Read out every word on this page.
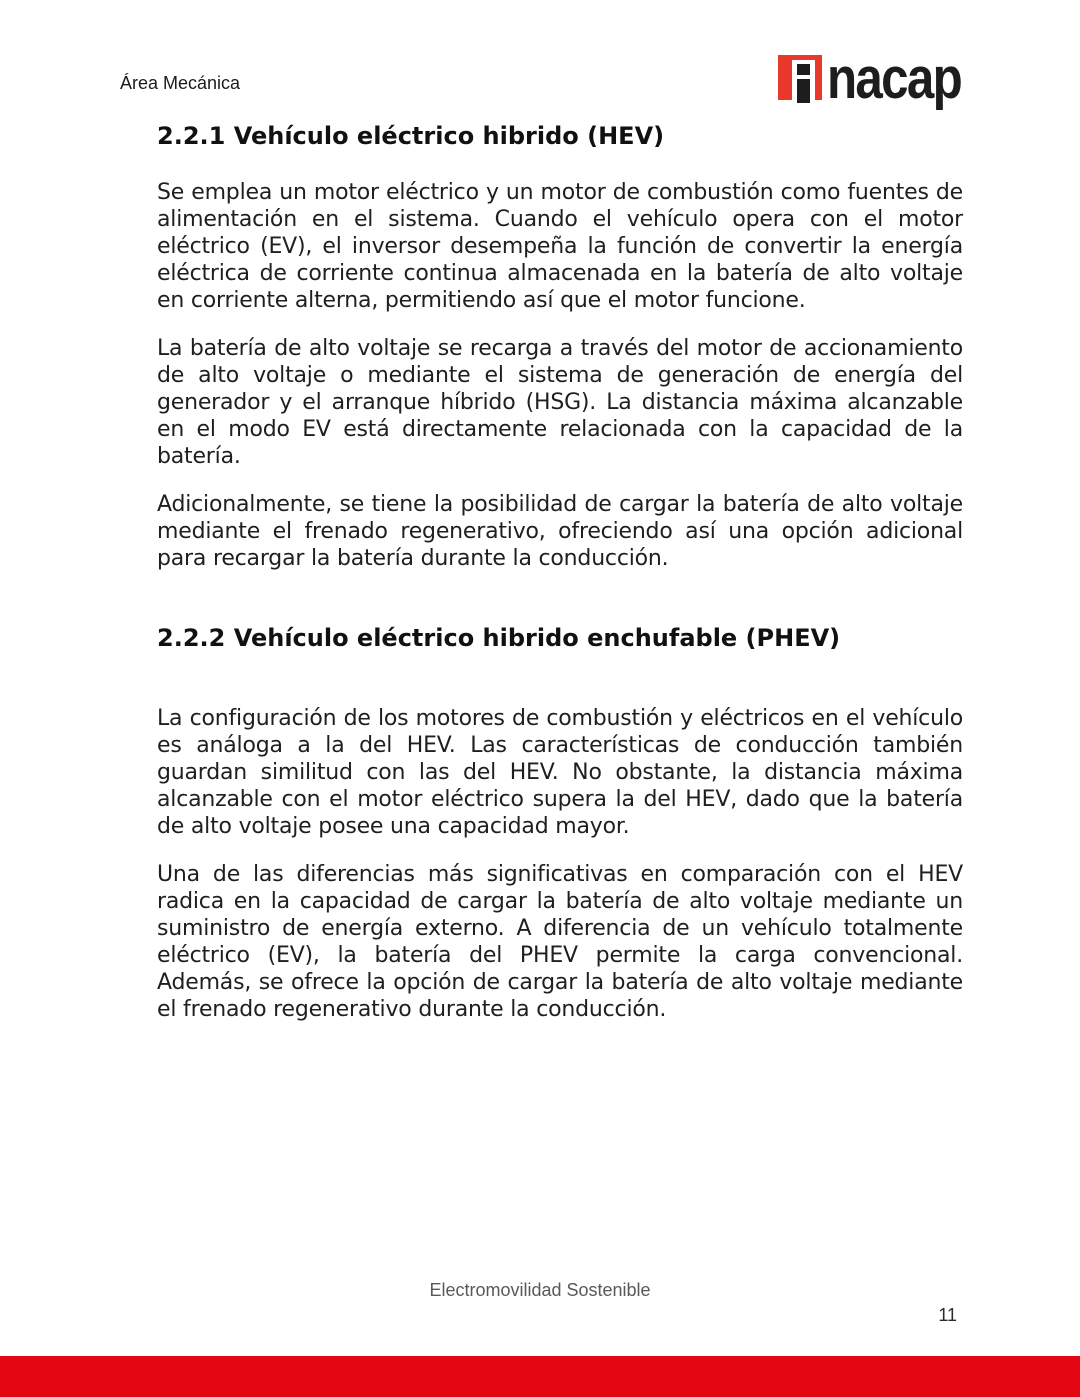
Área Mecánica	nacap
2.2.1 Vehículo eléctrico hibrido (HEV)

Se emplea un motor eléctrico y un motor de combustión como fuentes de alimentación en el sistema. Cuando el vehículo opera con el motor eléctrico (EV), el inversor desempeña la función de convertir la energía eléctrica de corriente continua almacenada en la batería de alto voltaje en corriente alterna, permitiendo así que el motor funcione.

La batería de alto voltaje se recarga a través del motor de accionamiento de alto voltaje o mediante el sistema de generación de energía del generador y el arranque híbrido (HSG). La distancia máxima alcanzable en el modo EV está directamente relacionada con la capacidad de la batería.

Adicionalmente, se tiene la posibilidad de cargar la batería de alto voltaje mediante el frenado regenerativo, ofreciendo así una opción adicional para recargar la batería durante la conducción.

2.2.2 Vehículo eléctrico hibrido enchufable (PHEV)

La configuración de los motores de combustión y eléctricos en el vehículo es análoga a la del HEV. Las características de conducción también guardan similitud con las del HEV. No obstante, la distancia máxima alcanzable con el motor eléctrico supera la del HEV, dado que la batería de alto voltaje posee una capacidad mayor.

Una de las diferencias más significativas en comparación con el HEV radica en la capacidad de cargar la batería de alto voltaje mediante un suministro de energía externo. A diferencia de un vehículo totalmente eléctrico (EV), la batería del PHEV permite la carga convencional. Además, se ofrece la opción de cargar la batería de alto voltaje mediante el frenado regenerativo durante la conducción.

Electromovilidad Sostenible
11
